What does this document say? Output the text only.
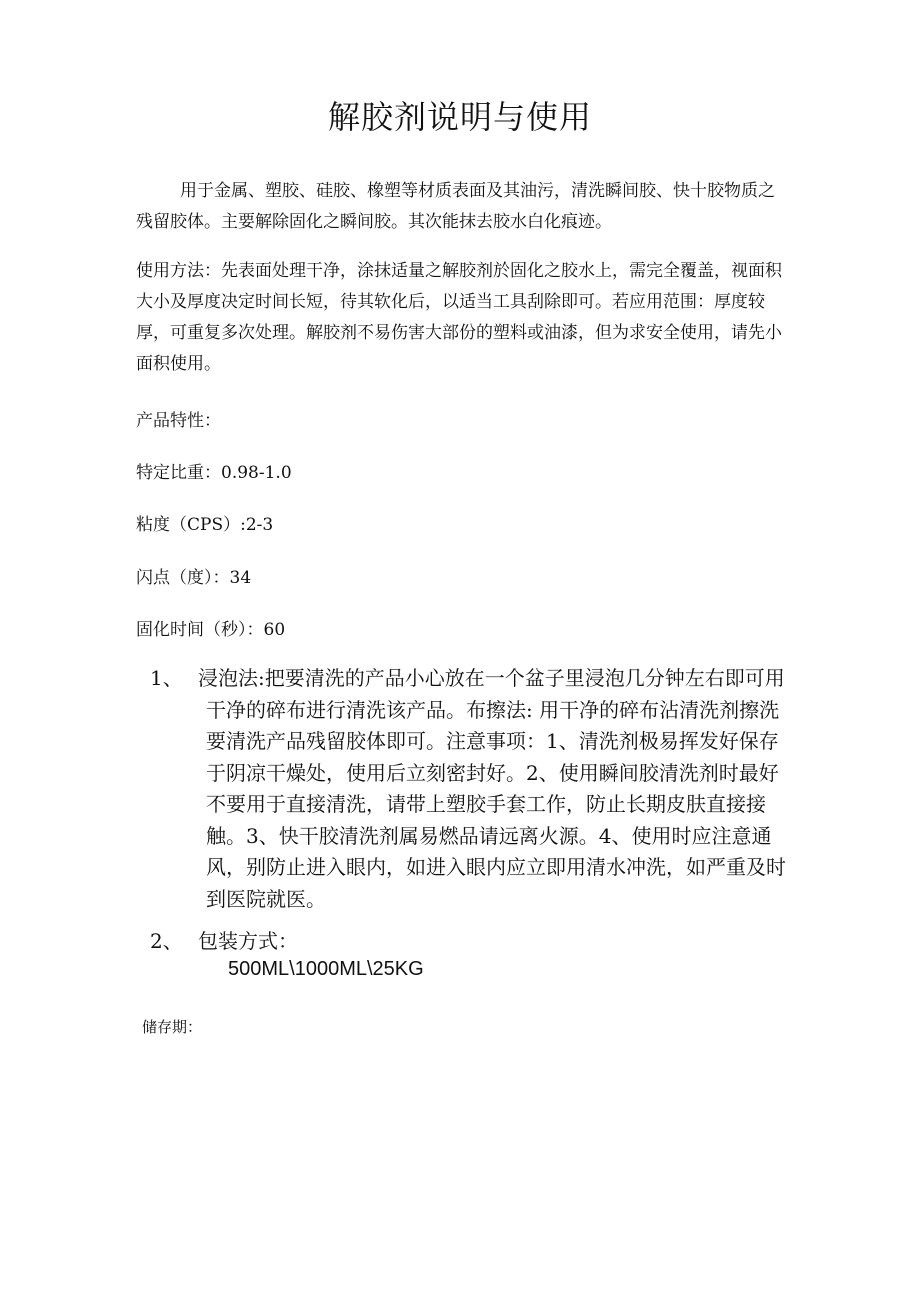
解胶剂说明与使用

用于金属、塑胶、硅胶、橡塑等材质表面及其油污，清洗瞬间胶、快十胶物质之残留胶体。主要解除固化之瞬间胶。其次能抹去胶水白化痕迹。

使用方法：先表面处理干净，涂抹适量之解胶剂於固化之胶水上，需完全覆盖，视面积大小及厚度决定时间长短，待其软化后，以适当工具刮除即可。若应用范围：厚度较厚，可重复多次处理。解胶剂不易伤害大部份的塑料或油漆，但为求安全使用，请先小面积使用。

产品特性：

特定比重：0.98-1.0

粘度（CPS）:2-3

闪点（度）：34

固化时间（秒）：60

1、 浸泡法:把要清洗的产品小心放在一个盆子里浸泡几分钟左右即可用干净的碎布进行清洗该产品。布擦法: 用干净的碎布沾清洗剂擦洗要清洗产品残留胶体即可。注意事项：1、清洗剂极易挥发好保存于阴凉干燥处，使用后立刻密封好。2、使用瞬间胶清洗剂时最好不要用于直接清洗，请带上塑胶手套工作，防止长期皮肤直接接触。3、快干胶清洗剂属易燃品请远离火源。4、使用时应注意通风，别防止进入眼内，如进入眼内应立即用清水冲洗，如严重及时到医院就医。
2、 包装方式：
500ML\1000ML\25KG
储存期：
